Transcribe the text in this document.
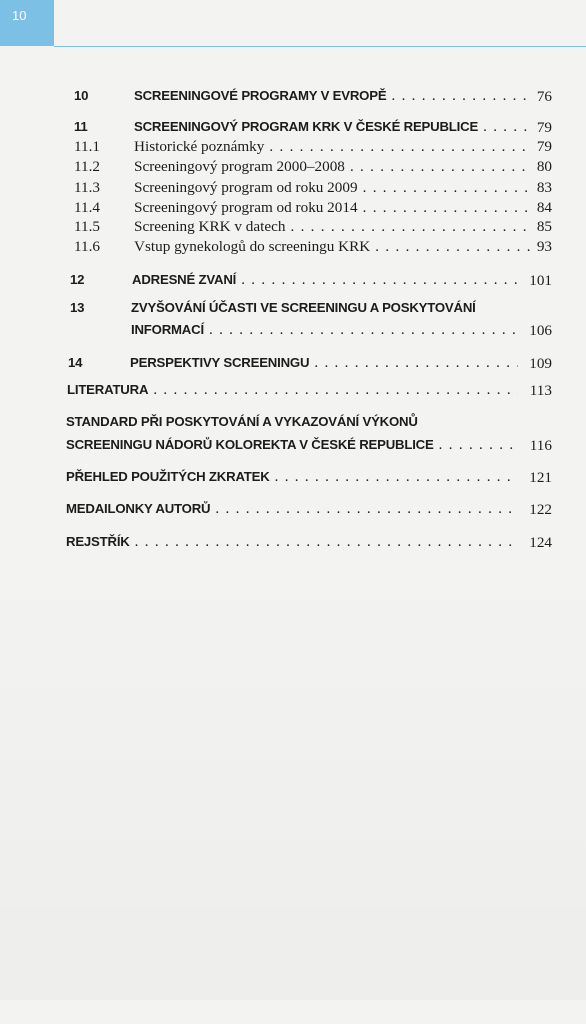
10
10	SCREENINGOVÉ PROGRAMY V EVROPĚ . . .	76
11	SCREENINGOVÝ PROGRAM KRK V ČESKÉ REPUBLICE . . .	79
11.1 Historické poznámky . . .	79
11.2 Screeningový program 2000–2008 . . .	80
11.3 Screeningový program od roku 2009 . . .	83
11.4 Screeningový program od roku 2014 . . .	84
11.5 Screening KRK v datech . . .	85
11.6 Vstup gynekologů do screeningu KRK . . .	93
12	ADRESNÉ ZVANÍ . . .	101
13	ZVYŠOVÁNÍ ÚČASTI VE SCREENINGU A POSKYTOVÁNÍ
INFORMACÍ . . .	106
14	PERSPEKTIVY SCREENINGU . . .	109
LITERATURA . . .	113
STANDARD PŘI POSKYTOVÁNÍ A VYKAZOVÁNÍ VÝKONŮ
SCREENINGU NÁDORŮ KOLOREKTA V ČESKÉ REPUBLICE . . .	116
PŘEHLED POUŽITÝCH ZKRATEK . . .	121
MEDAILONKY AUTORŮ . . .	122
REJSTŘÍK . . .	124
